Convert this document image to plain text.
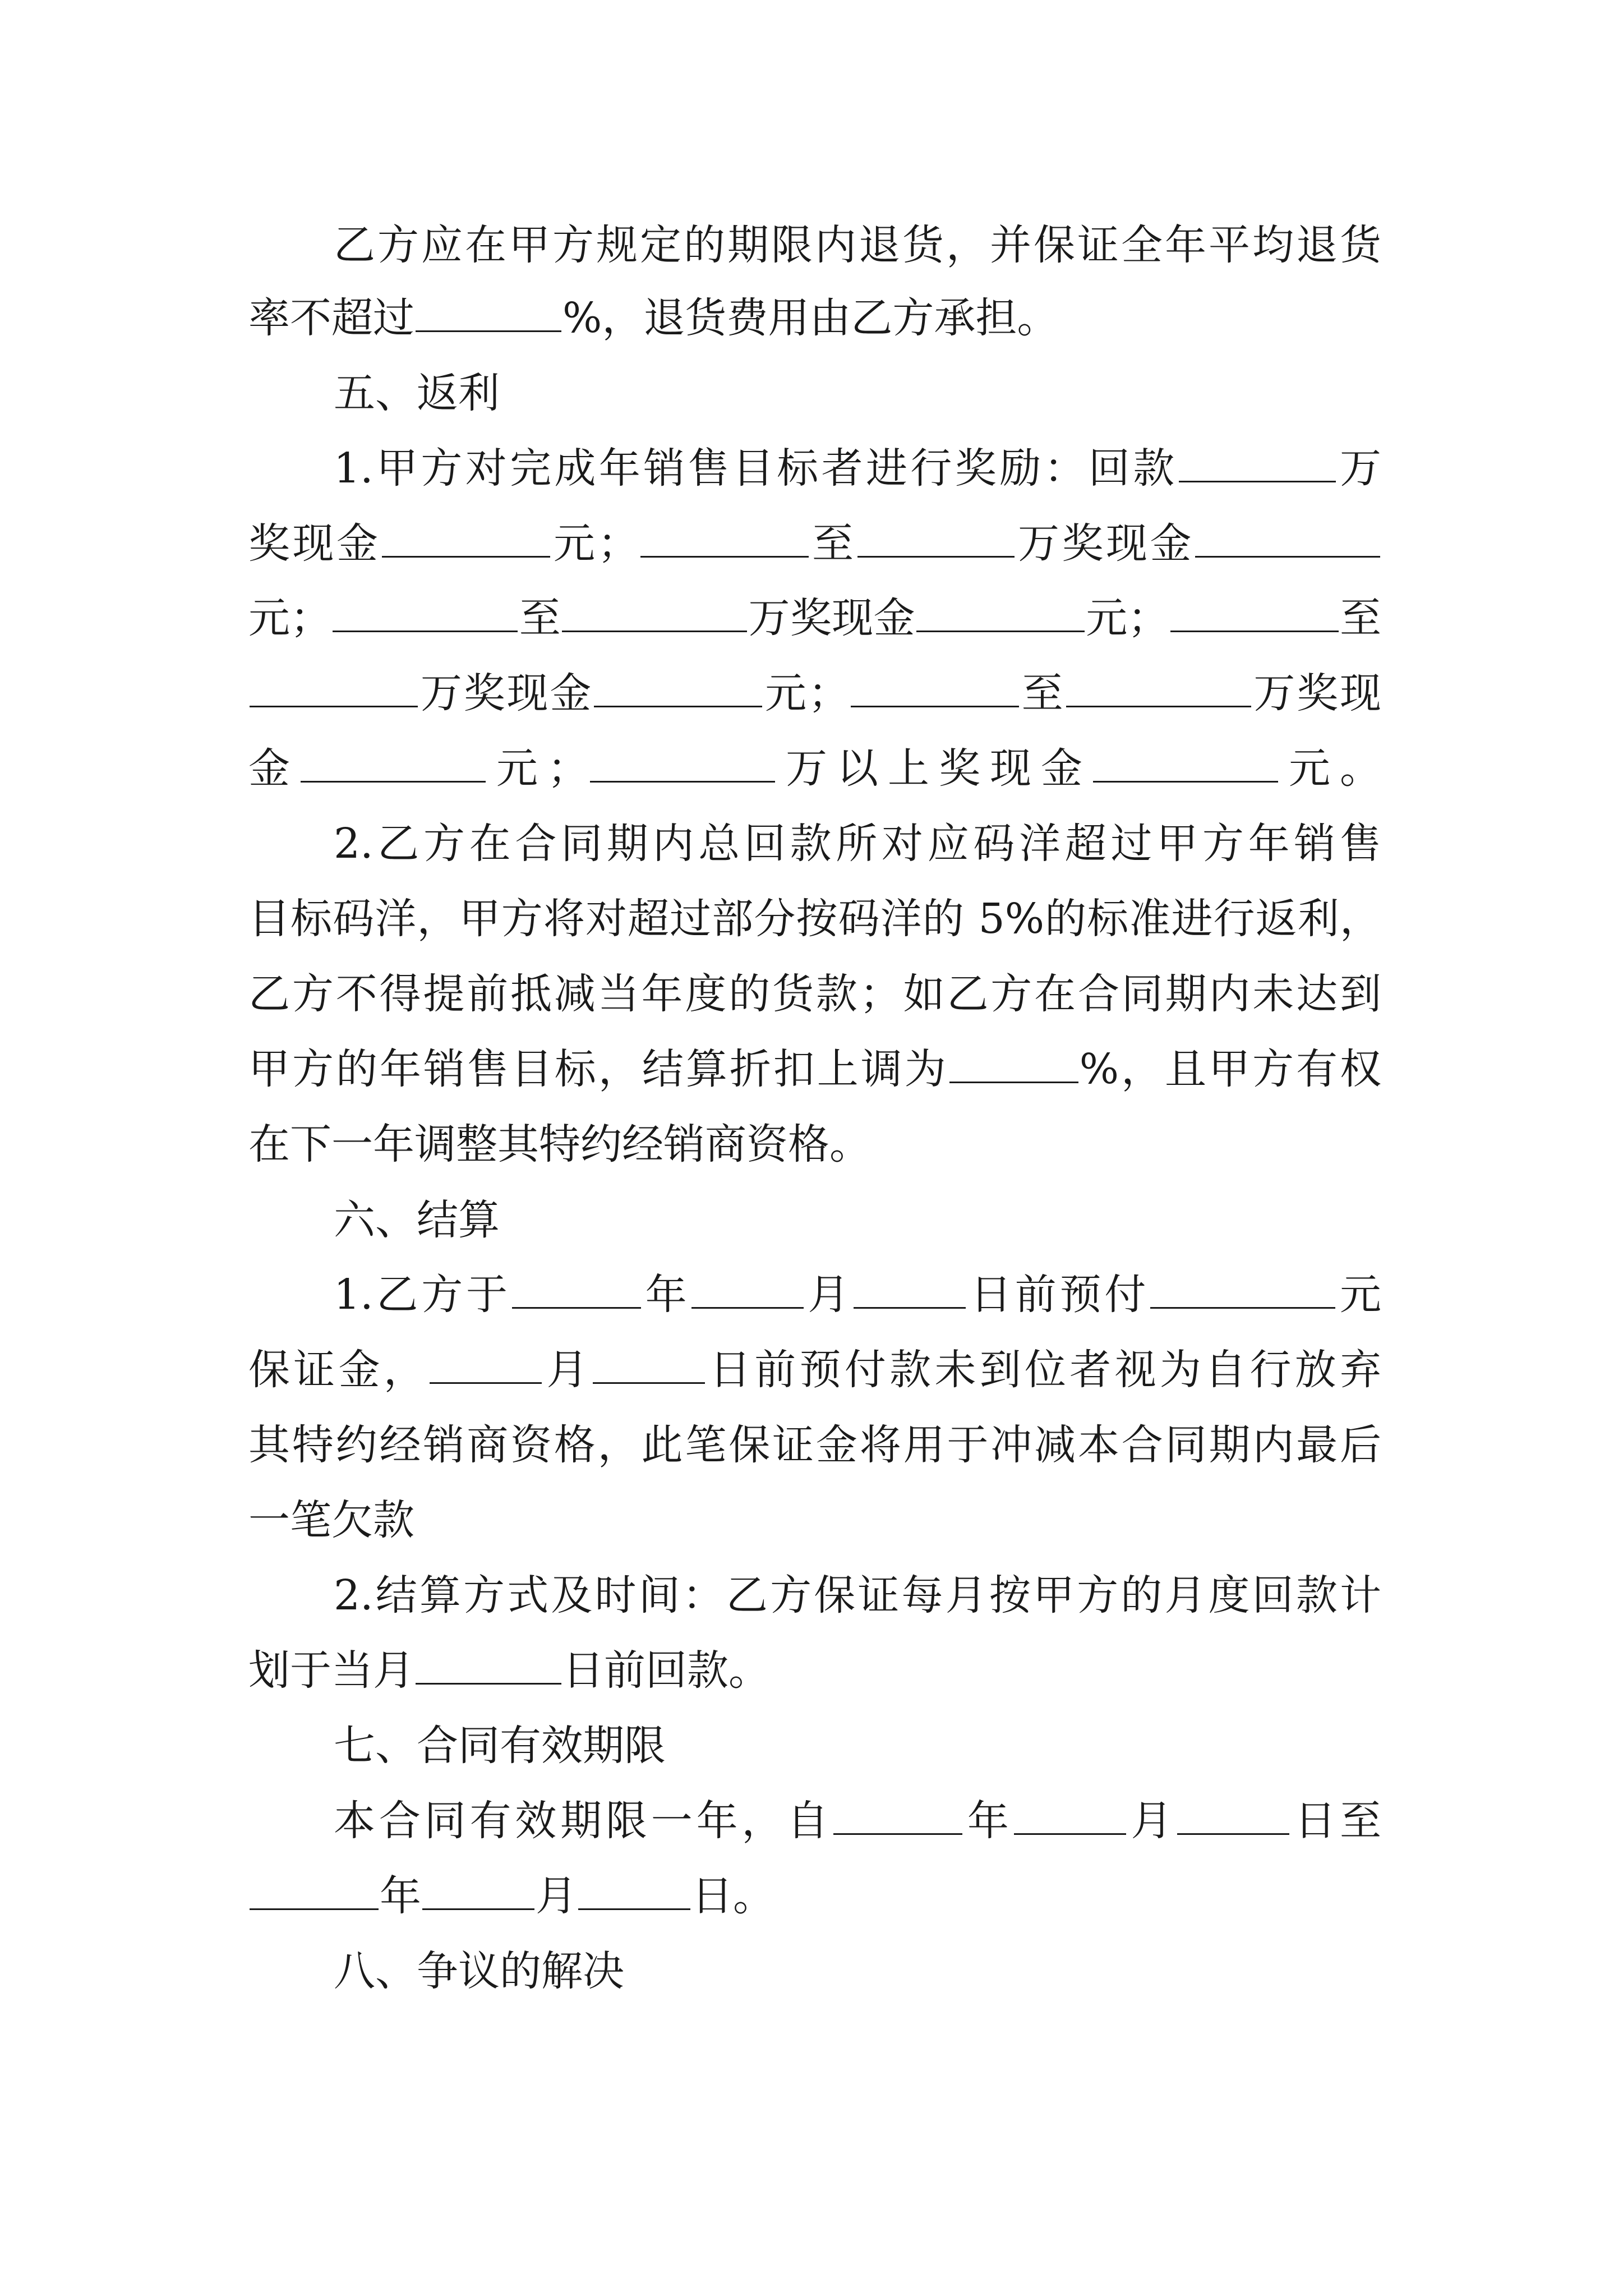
乙方应在甲方规定的期限内退货，并保证全年平均退货
率不超过	%，退货费用由乙方承担。
五、返利
1.甲方对完成年销售目标者进行奖励：回款	万
奖现金	元；	至	万奖现金
元；	至	万奖现金	元；	至
万奖现金	元；	至	万奖现
金	元；	万以上奖现金	元。
2.乙方在合同期内总回款所对应码洋超过甲方年销售
目标码洋，甲方将对超过部分按码洋的 5%的标准进行返利，
乙方不得提前抵减当年度的货款；如乙方在合同期内未达到
甲方的年销售目标，结算折扣上调为	%，且甲方有权
在下一年调整其特约经销商资格。
六、结算
1.乙方于	年	月	日前预付	元
保证金，	月	日前预付款未到位者视为自行放弃
其特约经销商资格，此笔保证金将用于冲减本合同期内最后
一笔欠款
2.结算方式及时间：乙方保证每月按甲方的月度回款计
划于当月	日前回款。
七、合同有效期限
本合同有效期限一年，自	年	月	日至
年	月	日。
八、争议的解决
